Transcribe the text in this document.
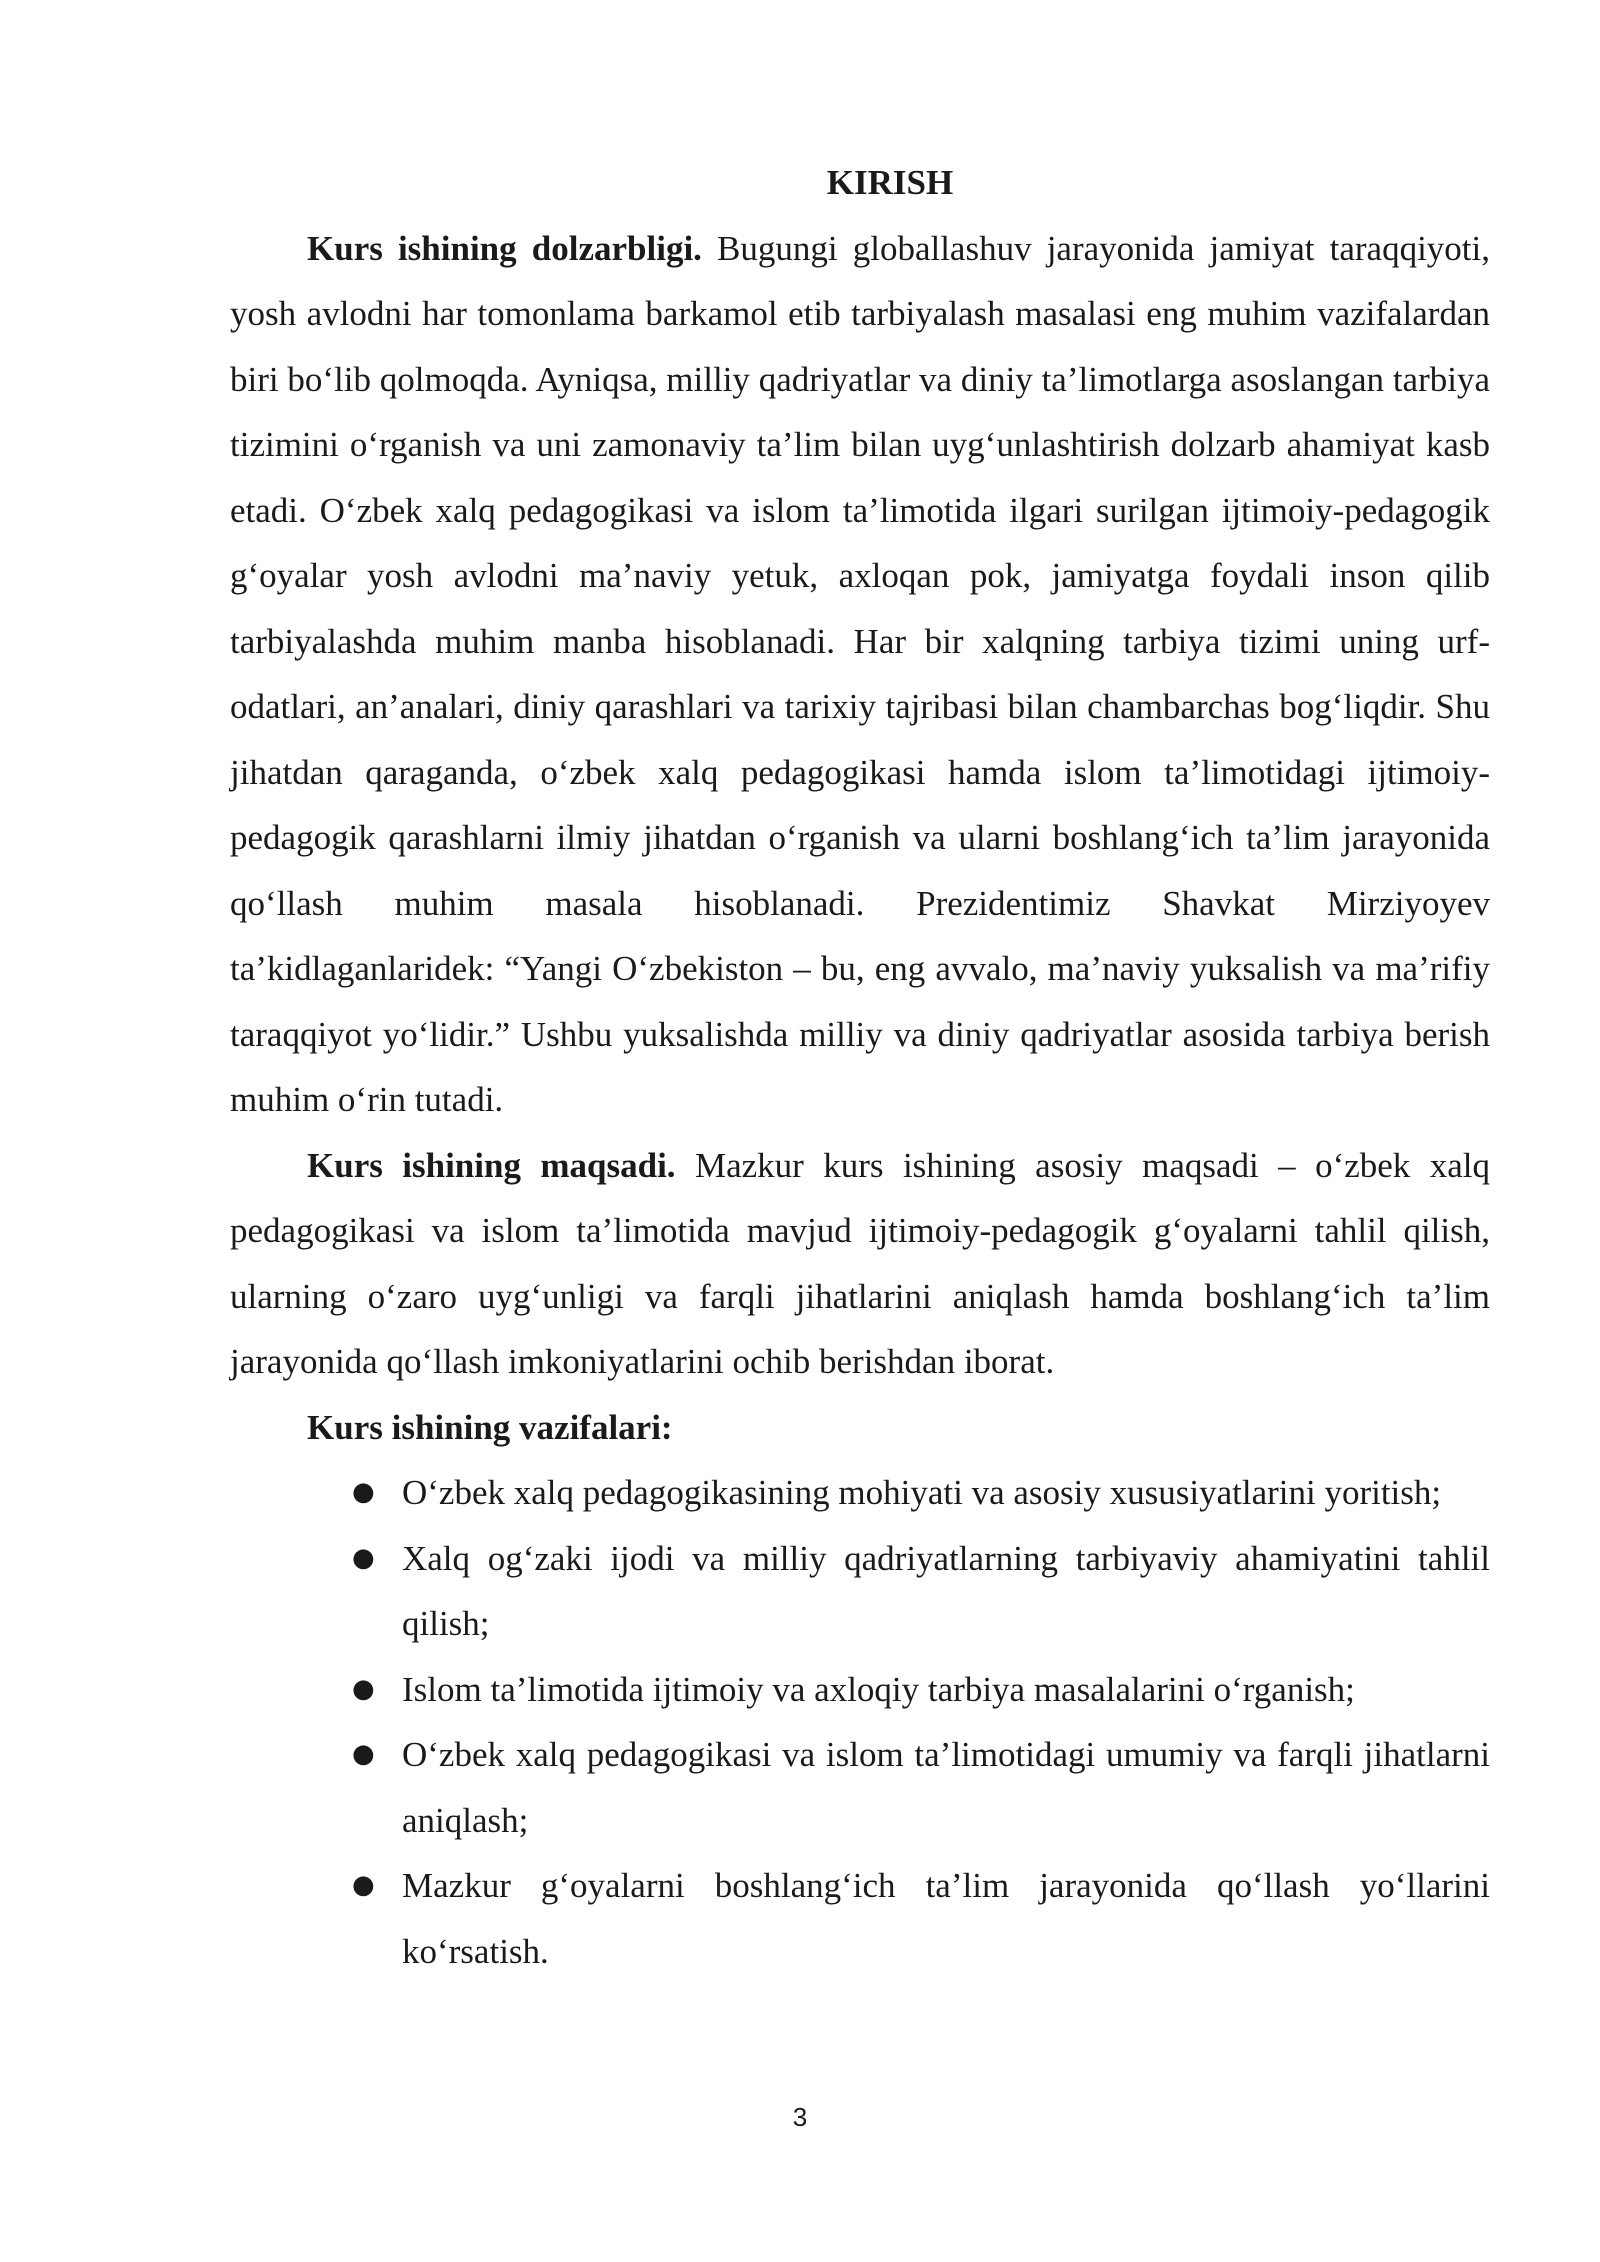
KIRISH

Kurs ishining dolzarbligi. Bugungi globallashuv jarayonida jamiyat taraqqiyoti, yosh avlodni har tomonlama barkamol etib tarbiyalash masalasi eng muhim vazifalardan biri bo‘lib qolmoqda. Ayniqsa, milliy qadriyatlar va diniy ta’limotlarga asoslangan tarbiya tizimini o‘rganish va uni zamonaviy ta’lim bilan uyg‘unlashtirish dolzarb ahamiyat kasb etadi. O‘zbek xalq pedagogikasi va islom ta’limotida ilgari surilgan ijtimoiy-pedagogik g‘oyalar yosh avlodni ma’naviy yetuk, axloqan pok, jamiyatga foydali inson qilib tarbiyalashda muhim manba hisoblanadi. Har bir xalqning tarbiya tizimi uning urf-odatlari, an’analari, diniy qarashlari va tarixiy tajribasi bilan chambarchas bog‘liqdir. Shu jihatdan qaraganda, o‘zbek xalq pedagogikasi hamda islom ta’limotidagi ijtimoiy-pedagogik qarashlarni ilmiy jihatdan o‘rganish va ularni boshlang‘ich ta’lim jarayonida qo‘llash muhim masala hisoblanadi. Prezidentimiz Shavkat Mirziyoyev ta’kidlaganlaridek: “Yangi O‘zbekiston – bu, eng avvalo, ma’naviy yuksalish va ma’rifiy taraqqiyot yo‘lidir.” Ushbu yuksalishda milliy va diniy qadriyatlar asosida tarbiya berish muhim o‘rin tutadi.

Kurs ishining maqsadi. Mazkur kurs ishining asosiy maqsadi – o‘zbek xalq pedagogikasi va islom ta’limotida mavjud ijtimoiy-pedagogik g‘oyalarni tahlil qilish, ularning o‘zaro uyg‘unligi va farqli jihatlarini aniqlash hamda boshlang‘ich ta’lim jarayonida qo‘llash imkoniyatlarini ochib berishdan iborat.

Kurs ishining vazifalari:
● O‘zbek xalq pedagogikasining mohiyati va asosiy xususiyatlarini yoritish;
● Xalq og‘zaki ijodi va milliy qadriyatlarning tarbiyaviy ahamiyatini tahlil qilish;
● Islom ta’limotida ijtimoiy va axloqiy tarbiya masalalarini o‘rganish;
● O‘zbek xalq pedagogikasi va islom ta’limotidagi umumiy va farqli jihatlarni aniqlash;
● Mazkur g‘oyalarni boshlang‘ich ta’lim jarayonida qo‘llash yo‘llarini ko‘rsatish.
3
